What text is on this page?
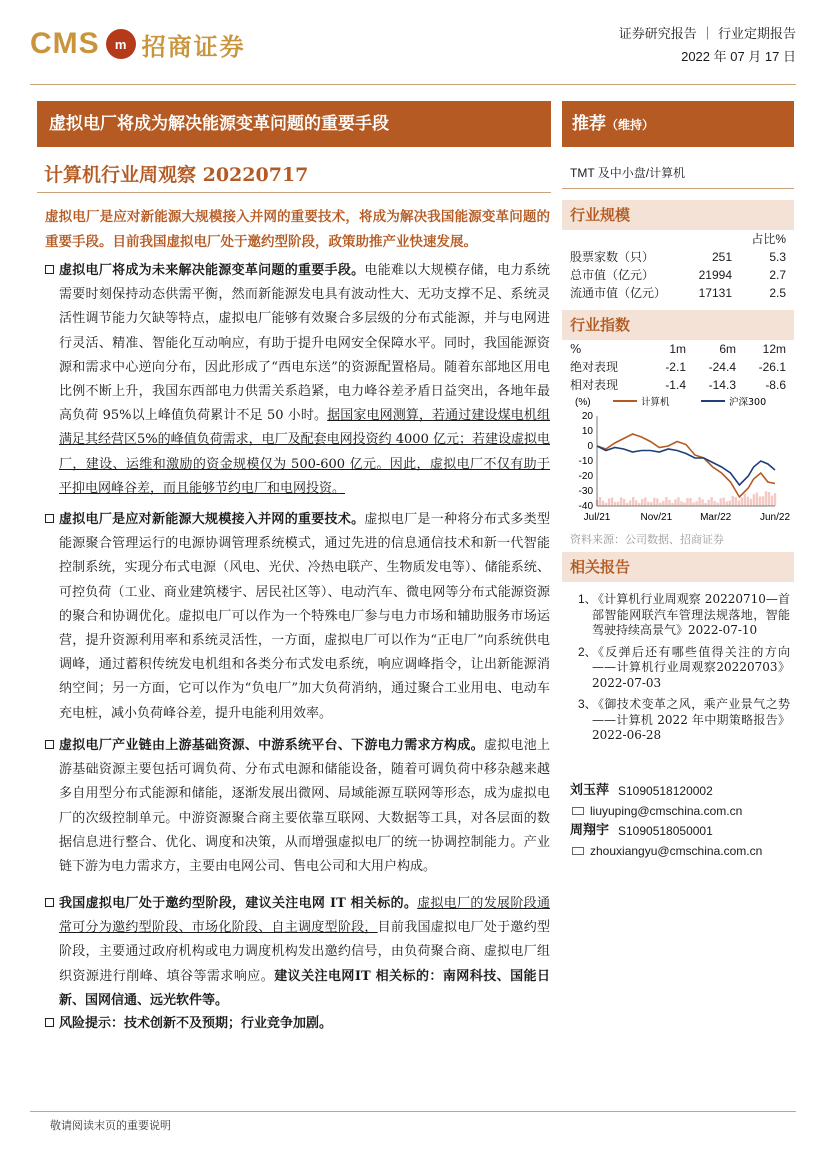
CMS	m 招商证券	证券研究报告 ｜ 行业定期报告
2022 年 07 月 17 日
虚拟电厂将成为解决能源变革问题的重要手段
计算机行业周观察 20220717
虚拟电厂是应对新能源大规模接入并网的重要技术，将成为解决我国能源变革问题的重要手段。目前我国虚拟电厂处于邀约型阶段，政策助推产业快速发展。
虚拟电厂将成为未来解决能源变革问题的重要手段。电能难以大规模存储，电力系统需要时刻保持动态供需平衡，然而新能源发电具有波动性大、无功支撑不足、系统灵活性调节能力欠缺等特点，虚拟电厂能够有效聚合多层级的分布式能源，并与电网进行灵活、精准、智能化互动响应，有助于提升电网安全保障水平。同时，我国能源资源和需求中心逆向分布，因此形成了“西电东送”的资源配置格局。随着东部地区用电比例不断上升，我国东西部电力供需关系趋紧，电力峰谷差矛盾日益突出，各地年最高负荷 95%以上峰值负荷累计不足 50 小时。据国家电网测算，若通过建设煤电机组满足其经营区5%的峰值负荷需求，电厂及配套电网投资约 4000 亿元；若建设虚拟电厂，建设、运维和激励的资金规模仅为 500-600 亿元。因此，虚拟电厂不仅有助于平抑电网峰谷差，而且能够节约电厂和电网投资。
虚拟电厂是应对新能源大规模接入并网的重要技术。虚拟电厂是一种将分布式多类型能源聚合管理运行的电源协调管理系统模式，通过先进的信息通信技术和新一代智能控制系统，实现分布式电源（风电、光伏、冷热电联产、生物质发电等）、储能系统、可控负荷（工业、商业建筑楼宇、居民社区等）、电动汽车、微电网等分布式能源资源的聚合和协调优化。虚拟电厂可以作为一个特殊电厂参与电力市场和辅助服务市场运营，提升资源利用率和系统灵活性，一方面，虚拟电厂可以作为“正电厂”向系统供电调峰，通过蓄积传统发电机组和各类分布式发电系统，响应调峰指令，让出新能源消纳空间；另一方面，它可以作为“负电厂”加大负荷消纳，通过聚合工业用电、电动车充电桩，减小负荷峰谷差，提升电能利用效率。
虚拟电厂产业链由上游基础资源、中游系统平台、下游电力需求方构成。虚拟电池上游基础资源主要包括可调负荷、分布式电源和储能设备，随着可调负荷中移杂越来越多自用型分布式能源和储能，逐渐发展出微网、局域能源互联网等形态，成为虚拟电厂的次级控制单元。中游资源聚合商主要依靠互联网、大数据等工具，对各层面的数据信息进行整合、优化、调度和决策，从而增强虚拟电厂的统一协调控制能力。产业链下游为电力需求方，主要由电网公司、售电公司和大用户构成。
我国虚拟电厂处于邀约型阶段，建议关注电网 IT 相关标的。虚拟电厂的发展阶段通常可分为邀约型阶段、市场化阶段、自主调度型阶段，目前我国虚拟电厂处于邀约型阶段，主要通过政府机构或电力调度机构发出邀约信号，由负荷聚合商、虚拟电厂组织资源进行削峰、填谷等需求响应。建议关注电网IT 相关标的：南网科技、国能日新、国网信通、远光软件等。
风险提示：技术创新不及预期；行业竞争加剧。
推荐（维持）
TMT 及中小盘/计算机
行业规模
占比%
股票家数（只）	251	5.3
总市值（亿元）	21994	2.7
流通市值（亿元）	17131	2.5
行业指数
%	1m	6m	12m
绝对表现	-2.1	-24.4	-26.1
相对表现	-1.4	-14.3	-8.6
(%)	计算机	沪深300
20
10
0
-10
-20
-30
-40
Jul/21	Nov/21	Mar/22	Jun/22
资料来源：公司数据、招商证券
相关报告
1、
《计算机行业周观察 20220710—首部智能网联汽车管理法规落地，智能驾驶持续高景气》2022-07-10
2、
《反弹后还有哪些值得关注的方向——计算机行业周观察20220703》2022-07-03
3、
《御技术变革之风，乘产业景气之势 ——计算机 2022 年中期策略报告》2022-06-28
刘玉萍 S1090518120002
liuyuping@cmschina.com.cn
周翔宇 S1090518050001
zhouxiangyu@cmschina.com.cn
敬请阅读末页的重要说明
